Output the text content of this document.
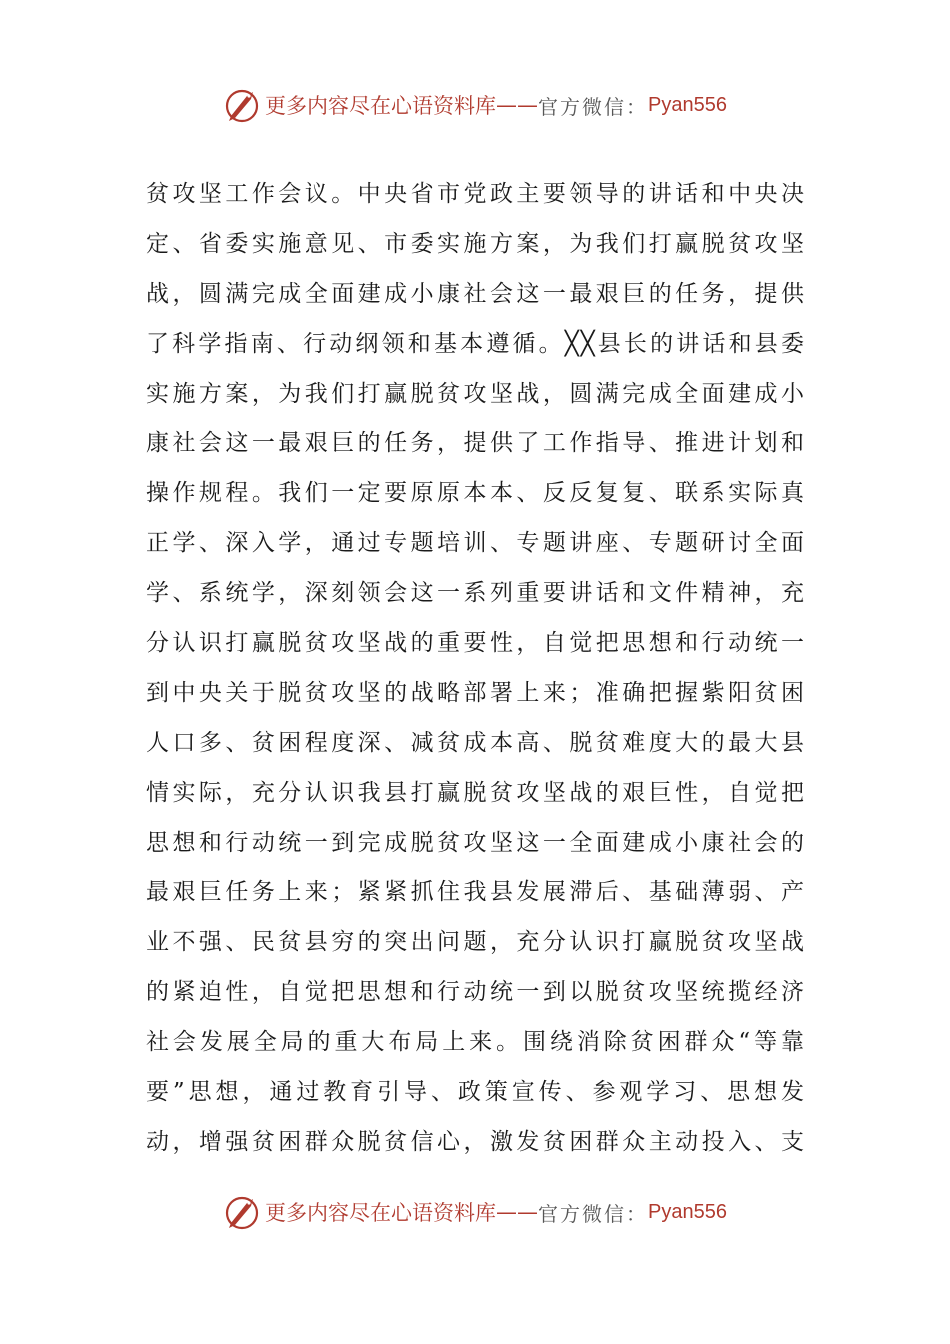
更多内容尽在心语资料库 —— 官方微信： Pyan556
贫攻坚工作会议。中央省市党政主要领导的讲话和中央决
定、省委实施意见、市委实施方案，为我们打赢脱贫攻坚
战，圆满完成全面建成小康社会这一最艰巨的任务，提供
了科学指南、行动纲领和基本遵循。╳╳县长的讲话和县委
实施方案，为我们打赢脱贫攻坚战，圆满完成全面建成小
康社会这一最艰巨的任务，提供了工作指导、推进计划和
操作规程。我们一定要原原本本、反反复复、联系实际真
正学、深入学，通过专题培训、专题讲座、专题研讨全面
学、系统学，深刻领会这一系列重要讲话和文件精神，充
分认识打赢脱贫攻坚战的重要性，自觉把思想和行动统一
到中央关于脱贫攻坚的战略部署上来；准确把握紫阳贫困
人口多、贫困程度深、减贫成本高、脱贫难度大的最大县
情实际，充分认识我县打赢脱贫攻坚战的艰巨性，自觉把
思想和行动统一到完成脱贫攻坚这一全面建成小康社会的
最艰巨任务上来；紧紧抓住我县发展滞后、基础薄弱、产
业不强、民贫县穷的突出问题，充分认识打赢脱贫攻坚战
的紧迫性，自觉把思想和行动统一到以脱贫攻坚统揽经济
社会发展全局的重大布局上来。围绕消除贫困群众“等靠
要”思想，通过教育引导、政策宣传、参观学习、思想发
动，增强贫困群众脱贫信心，激发贫困群众主动投入、支
更多内容尽在心语资料库 —— 官方微信： Pyan556
